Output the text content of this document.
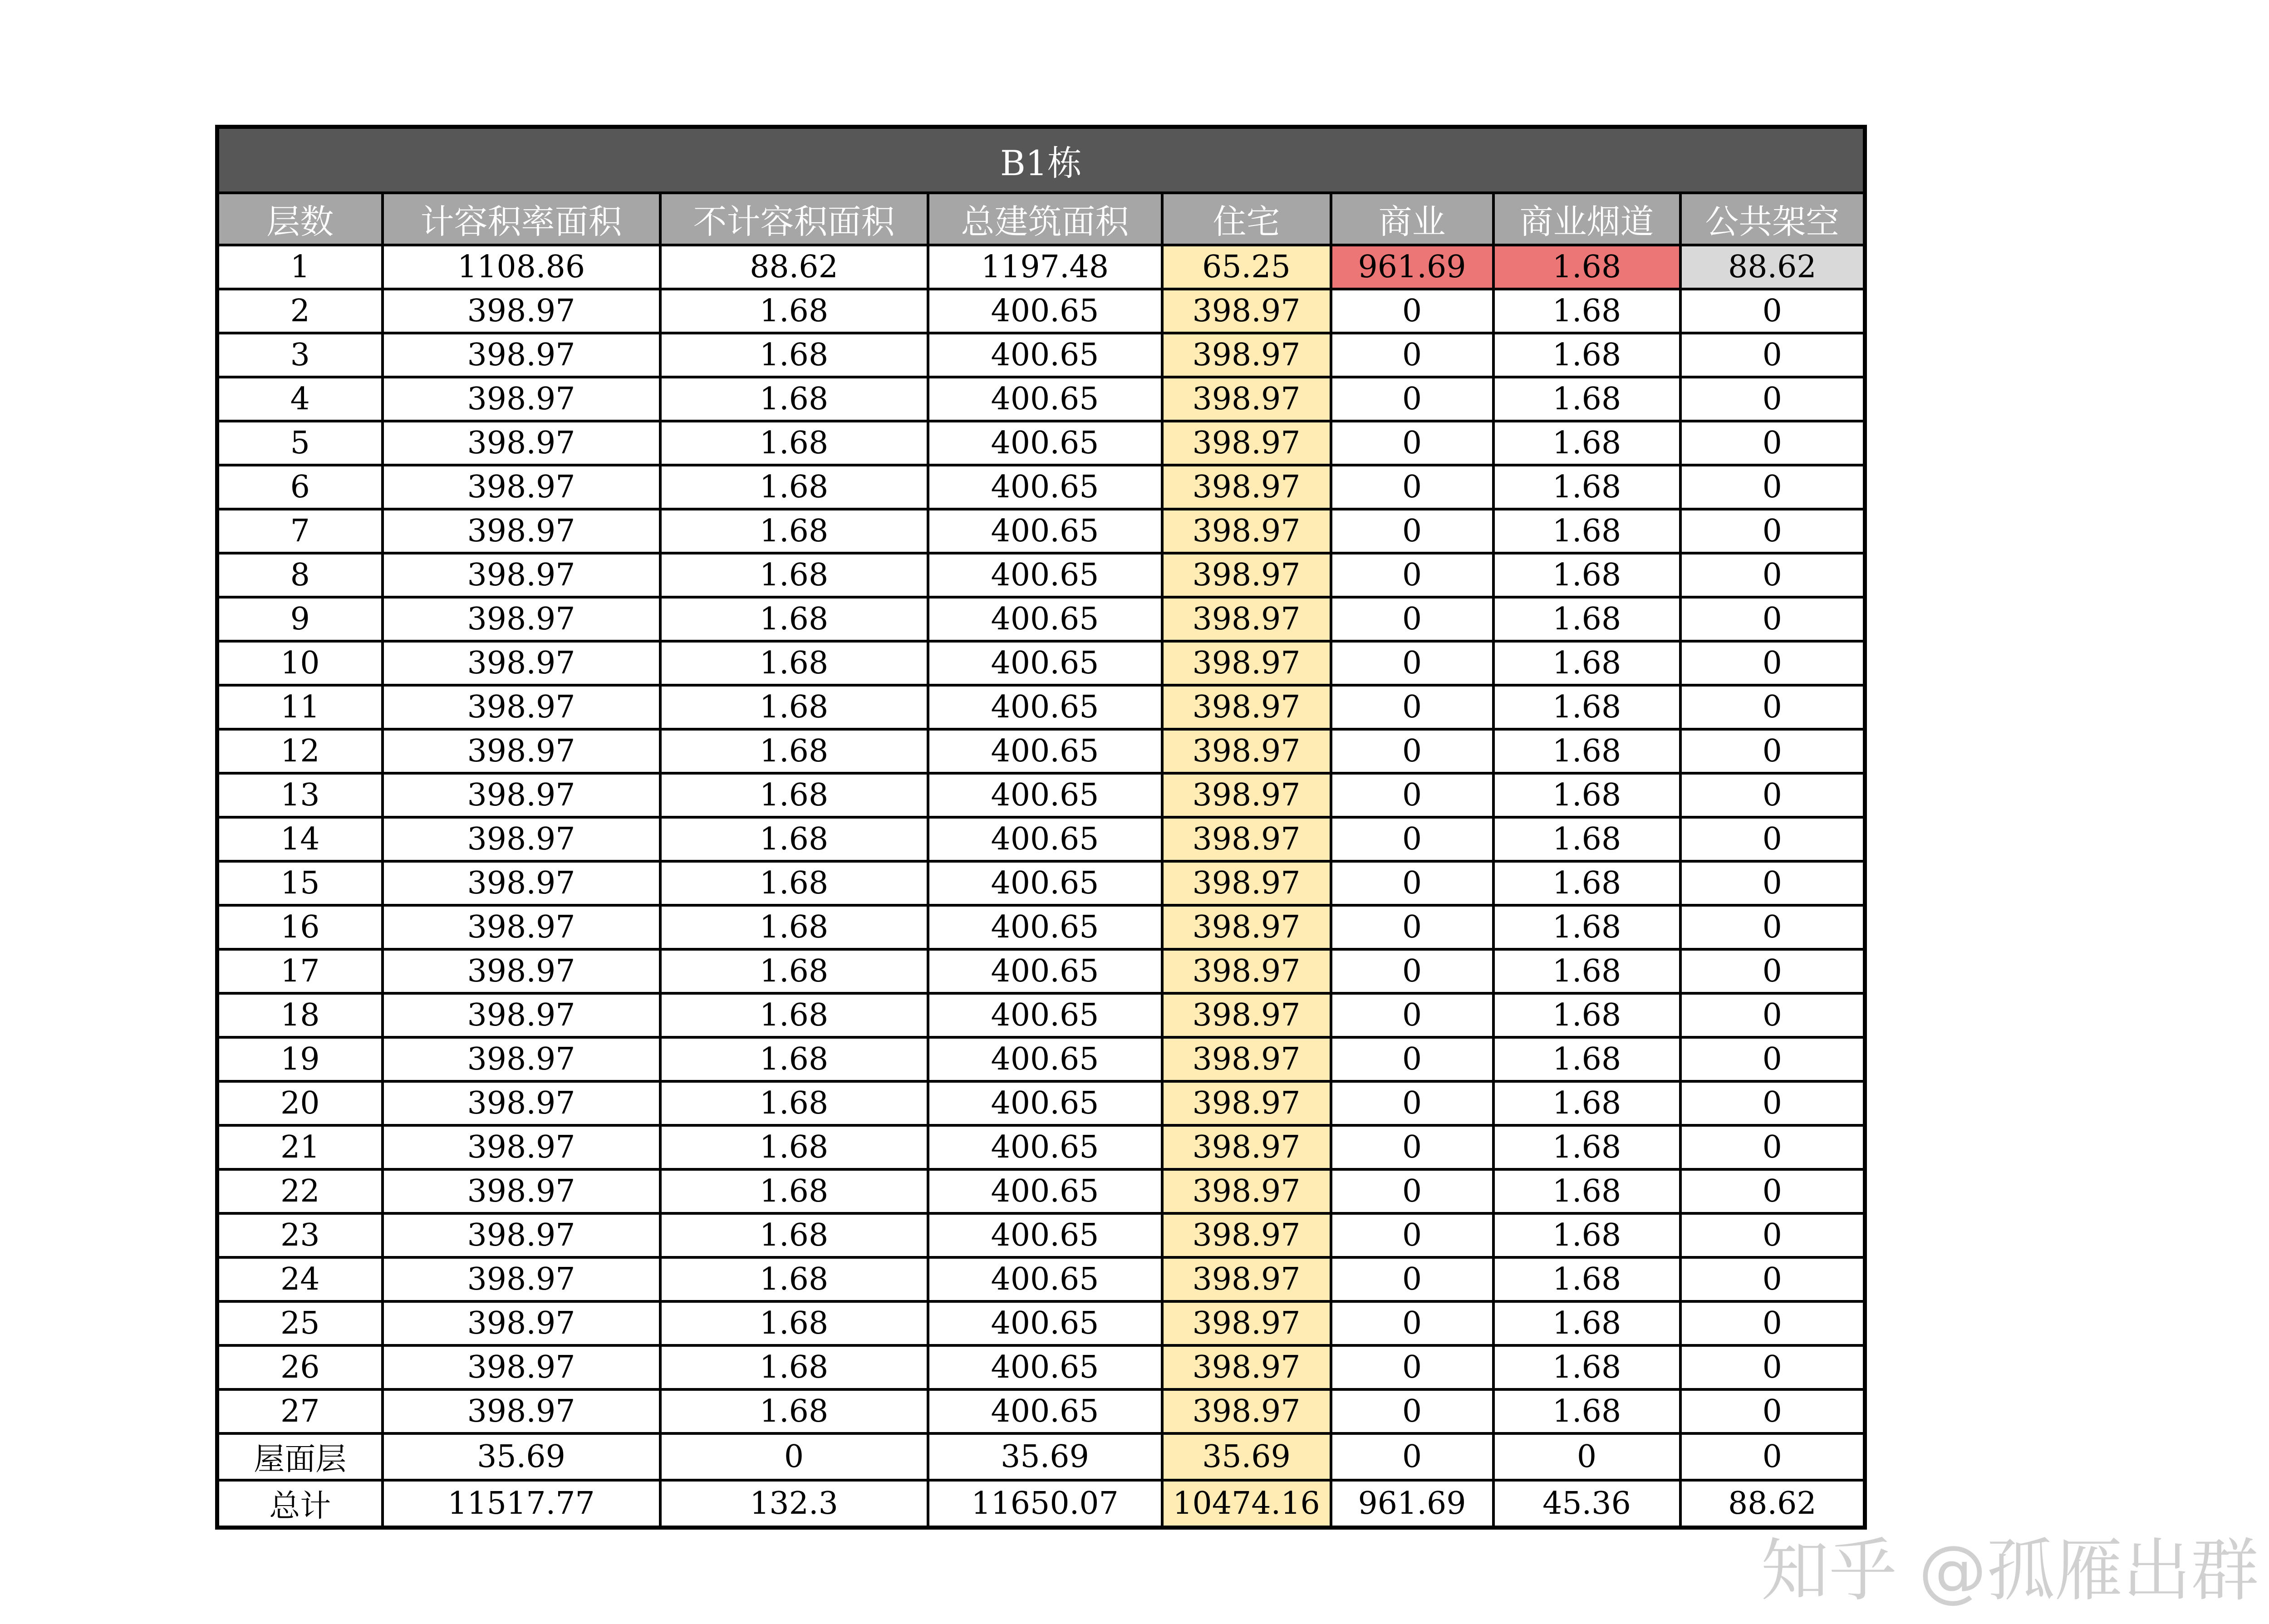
B1栋							
层数	计容积率面积	不计容积面积	总建筑面积	住宅	商业	商业烟道	公共架空
1	1108.86	88.62	1197.48	65.25	961.69	1.68	88.62
2	398.97	1.68	400.65	398.97	0	1.68	0
3	398.97	1.68	400.65	398.97	0	1.68	0
4	398.97	1.68	400.65	398.97	0	1.68	0
5	398.97	1.68	400.65	398.97	0	1.68	0
6	398.97	1.68	400.65	398.97	0	1.68	0
7	398.97	1.68	400.65	398.97	0	1.68	0
8	398.97	1.68	400.65	398.97	0	1.68	0
9	398.97	1.68	400.65	398.97	0	1.68	0
10	398.97	1.68	400.65	398.97	0	1.68	0
11	398.97	1.68	400.65	398.97	0	1.68	0
12	398.97	1.68	400.65	398.97	0	1.68	0
13	398.97	1.68	400.65	398.97	0	1.68	0
14	398.97	1.68	400.65	398.97	0	1.68	0
15	398.97	1.68	400.65	398.97	0	1.68	0
16	398.97	1.68	400.65	398.97	0	1.68	0
17	398.97	1.68	400.65	398.97	0	1.68	0
18	398.97	1.68	400.65	398.97	0	1.68	0
19	398.97	1.68	400.65	398.97	0	1.68	0
20	398.97	1.68	400.65	398.97	0	1.68	0
21	398.97	1.68	400.65	398.97	0	1.68	0
22	398.97	1.68	400.65	398.97	0	1.68	0
23	398.97	1.68	400.65	398.97	0	1.68	0
24	398.97	1.68	400.65	398.97	0	1.68	0
25	398.97	1.68	400.65	398.97	0	1.68	0
26	398.97	1.68	400.65	398.97	0	1.68	0
27	398.97	1.68	400.65	398.97	0	1.68	0
屋面层	35.69	0	35.69	35.69	0	0	0
总计	11517.77	132.3	11650.07	10474.16	961.69	45.36	88.62
知乎 @孤雁出群
